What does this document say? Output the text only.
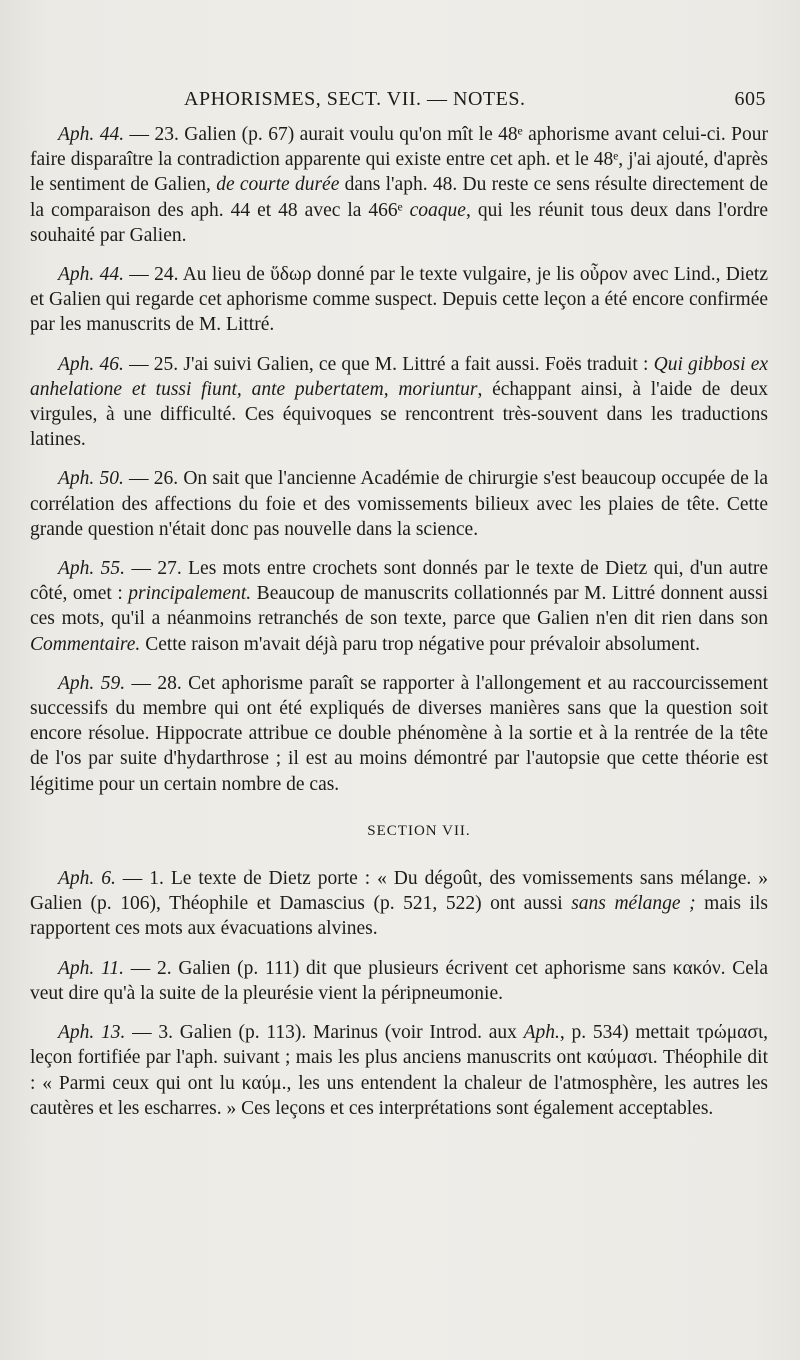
APHORISMES, SECT. VII. — NOTES.	605

Aph. 44. — 23. Galien (p. 67) aurait voulu qu'on mît le 48ᵉ aphorisme avant celui-ci. Pour faire disparaître la contradiction apparente qui existe entre cet aph. et le 48ᵉ, j'ai ajouté, d'après le sentiment de Galien, de courte durée dans l'aph. 48. Du reste ce sens résulte directement de la comparaison des aph. 44 et 48 avec la 466ᵉ coaque, qui les réunit tous deux dans l'ordre souhaité par Galien.

Aph. 44. — 24. Au lieu de ὕδωρ donné par le texte vulgaire, je lis οὖρον avec Lind., Dietz et Galien qui regarde cet aphorisme comme suspect. Depuis cette leçon a été encore confirmée par les manuscrits de M. Littré.

Aph. 46. — 25. J'ai suivi Galien, ce que M. Littré a fait aussi. Foës traduit : Qui gibbosi ex anhelatione et tussi fiunt, ante pubertatem, moriuntur, échappant ainsi, à l'aide de deux virgules, à une difficulté. Ces équivoques se rencontrent très-souvent dans les traductions latines.

Aph. 50. — 26. On sait que l'ancienne Académie de chirurgie s'est beaucoup occupée de la corrélation des affections du foie et des vomissements bilieux avec les plaies de tête. Cette grande question n'était donc pas nouvelle dans la science.

Aph. 55. — 27. Les mots entre crochets sont donnés par le texte de Dietz qui, d'un autre côté, omet : principalement. Beaucoup de manuscrits collationnés par M. Littré donnent aussi ces mots, qu'il a néanmoins retranchés de son texte, parce que Galien n'en dit rien dans son Commentaire. Cette raison m'avait déjà paru trop négative pour prévaloir absolument.

Aph. 59. — 28. Cet aphorisme paraît se rapporter à l'allongement et au raccourcissement successifs du membre qui ont été expliqués de diverses manières sans que la question soit encore résolue. Hippocrate attribue ce double phénomène à la sortie et à la rentrée de la tête de l'os par suite d'hydarthrose ; il est au moins démontré par l'autopsie que cette théorie est légitime pour un certain nombre de cas.

SECTION VII.

Aph. 6. — 1. Le texte de Dietz porte : « Du dégoût, des vomissements sans mélange. » Galien (p. 106), Théophile et Damascius (p. 521, 522) ont aussi sans mélange ; mais ils rapportent ces mots aux évacuations alvines.

Aph. 11. — 2. Galien (p. 111) dit que plusieurs écrivent cet aphorisme sans κακόν. Cela veut dire qu'à la suite de la pleurésie vient la péripneumonie.

Aph. 13. — 3. Galien (p. 113). Marinus (voir Introd. aux Aph., p. 534) mettait τρώμασι, leçon fortifiée par l'aph. suivant ; mais les plus anciens manuscrits ont καύμασι. Théophile dit : « Parmi ceux qui ont lu καύμ., les uns entendent la chaleur de l'atmosphère, les autres les cautères et les escharres. » Ces leçons et ces interprétations sont également acceptables.
